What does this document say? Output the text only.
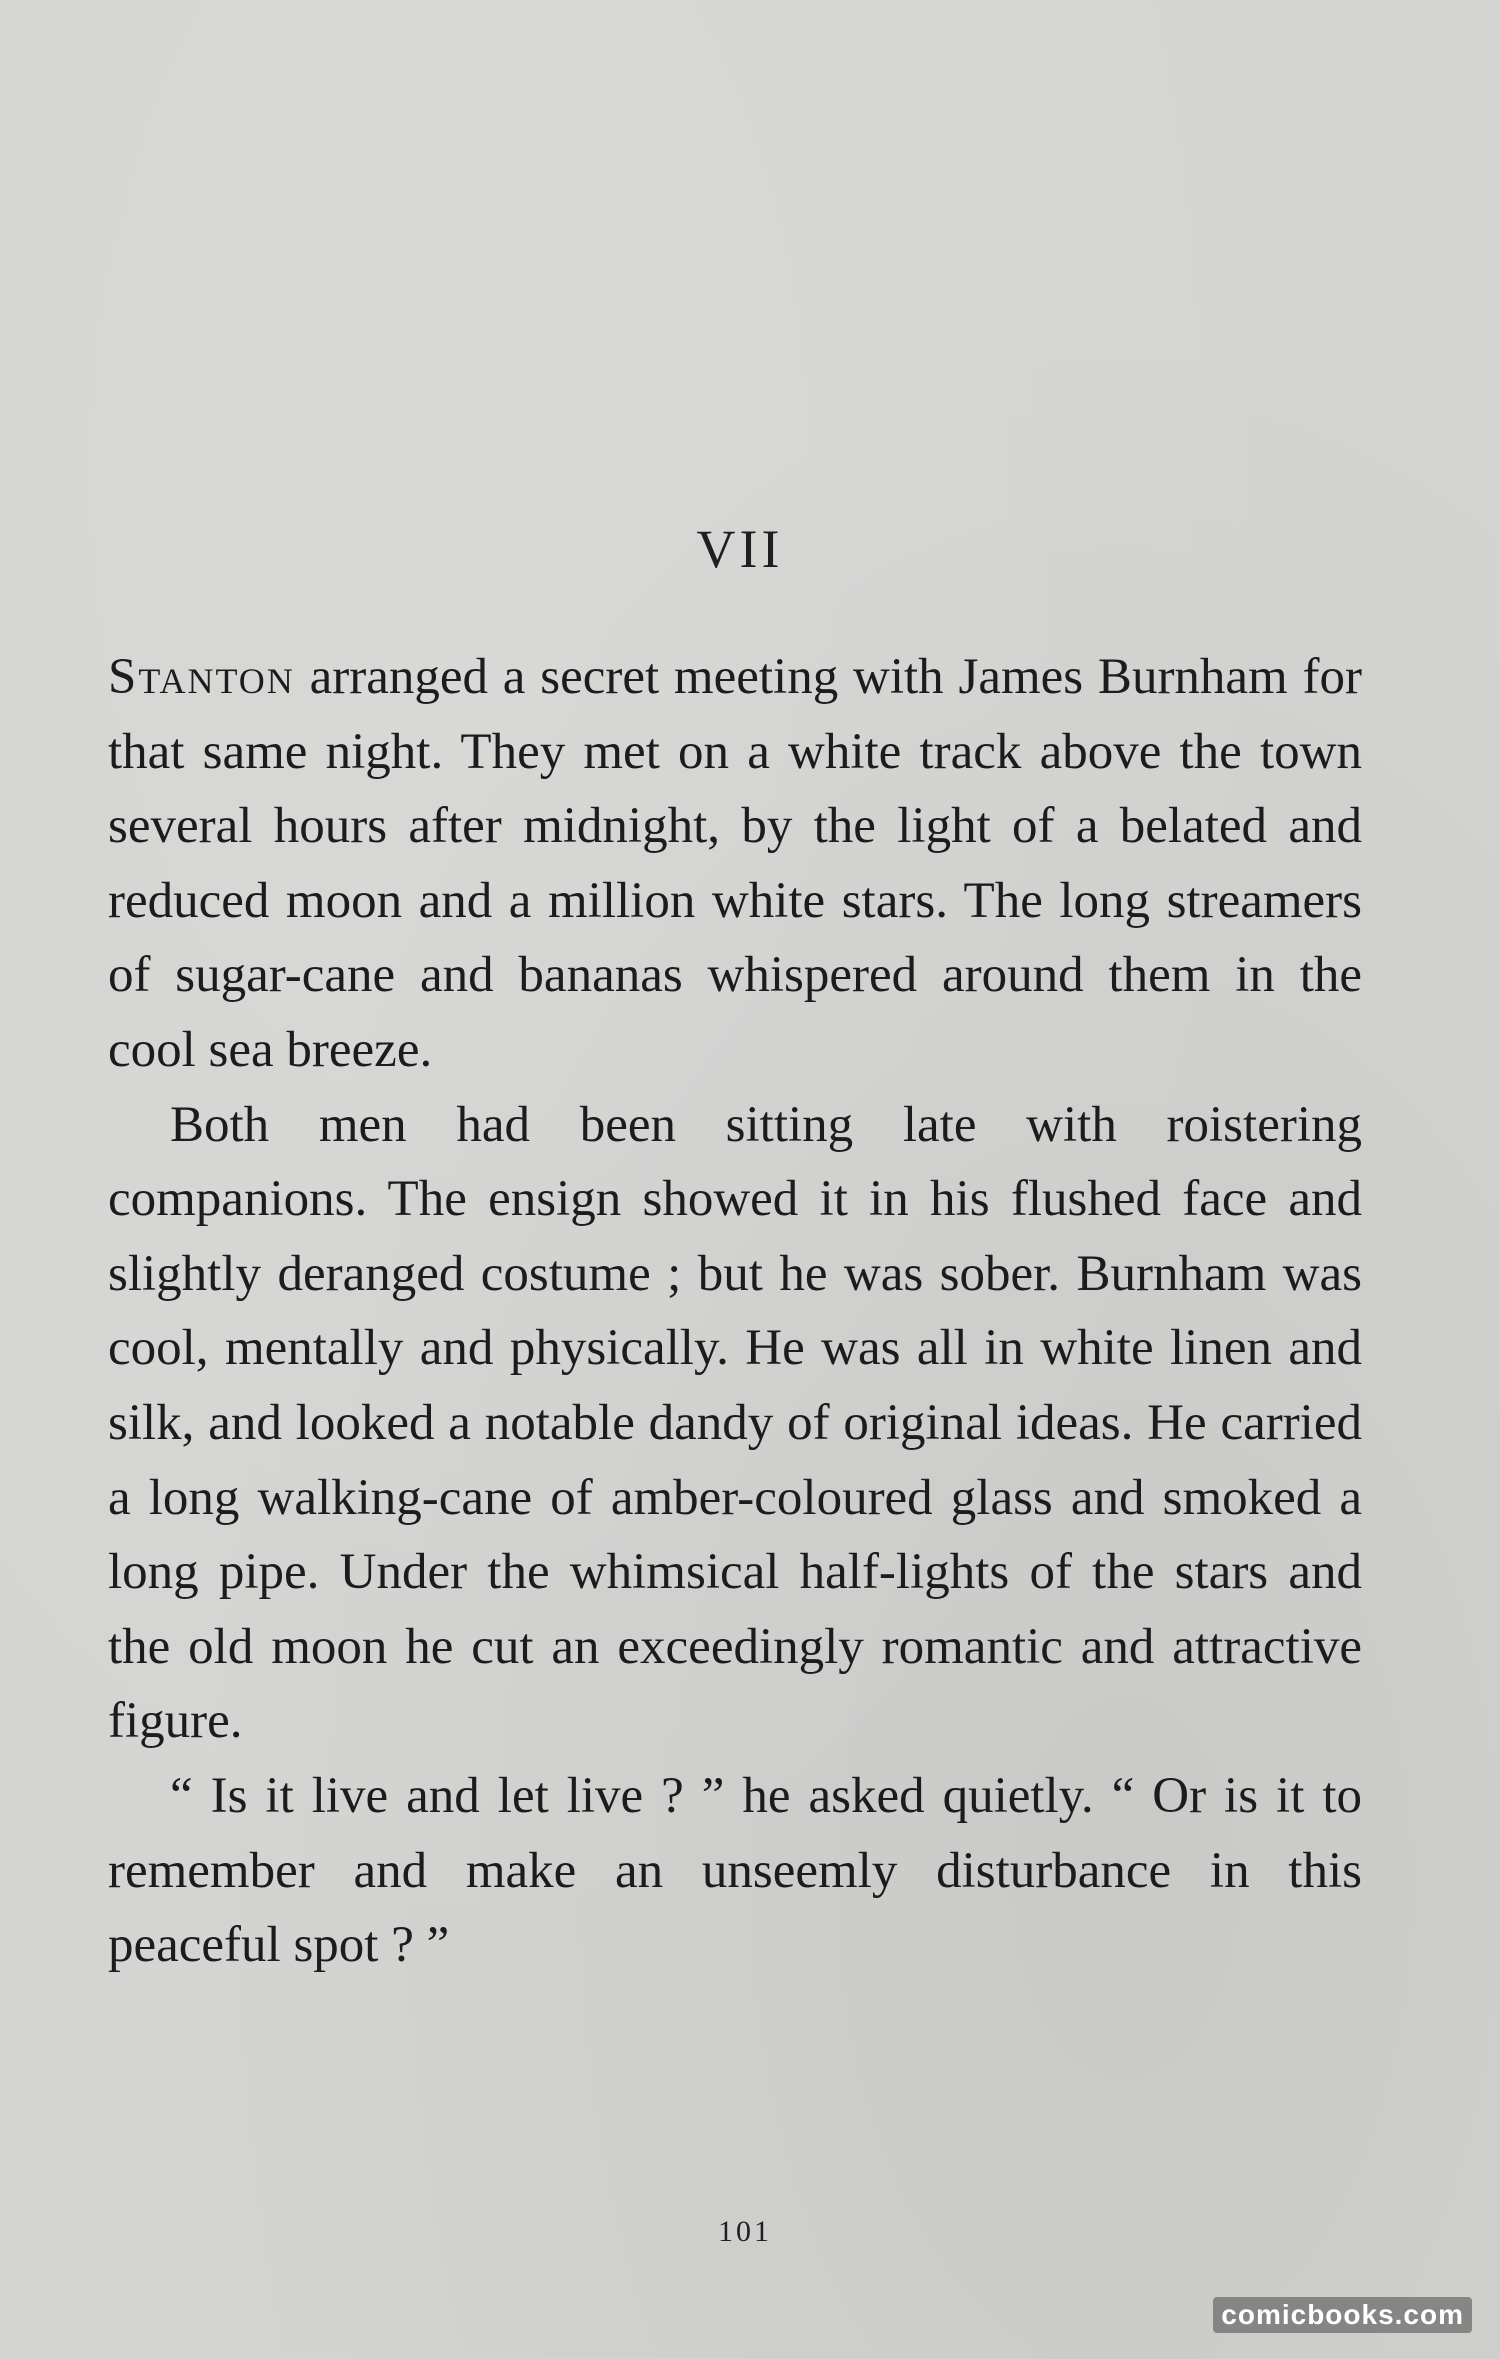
VII

Stanton arranged a secret meeting with James Burnham for that same night. They met on a white track above the town several hours after midnight, by the light of a belated and reduced moon and a million white stars. The long streamers of sugar-cane and bananas whispered around them in the cool sea breeze.

Both men had been sitting late with roistering companions. The ensign showed it in his flushed face and slightly deranged costume ; but he was sober. Burnham was cool, mentally and physically. He was all in white linen and silk, and looked a notable dandy of original ideas. He carried a long walking-cane of amber-coloured glass and smoked a long pipe. Under the whimsical half-lights of the stars and the old moon he cut an exceedingly romantic and attractive figure.

“ Is it live and let live ? ” he asked quietly. “ Or is it to remember and make an unseemly disturbance in this peaceful spot ? ”

101
comicbooks.com
